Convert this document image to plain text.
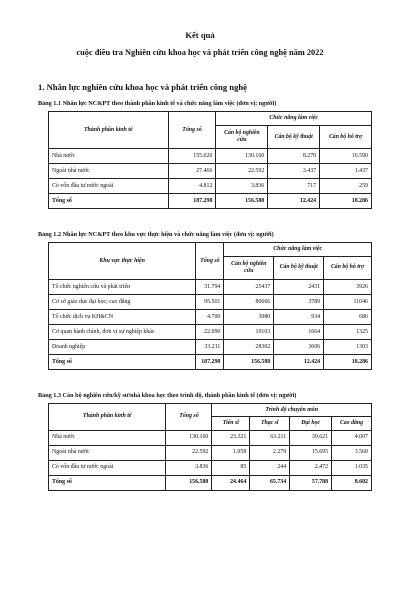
Kết quả
cuộc điều tra Nghiên cứu khoa học và phát triển công nghệ năm 2022
1. Nhân lực nghiên cứu khoa học và phát triển công nghệ
Bảng 1.1 Nhân lực NC&PT theo thành phần kinh tế và chức năng làm việc (đơn vị: người)
Thành phần kinh tế	Tổng số	Chức năng làm việc		
		Cán bộ nghiên cứu	Cán bộ kỹ thuật	Cán bộ hỗ trợ
Nhà nước	155.020	130.160	8.270	16.590
Ngoài nhà nước	27.466	22.592	3.437	1.437
Có vốn đầu tư nước ngoài	4.812	3.836	717	259
Tổng số	187.298	156.588	12.424	18.286
Bảng 1.2 Nhân lực NC&PT theo khu vực thực hiện và chức năng làm việc (đơn vị: người)
Khu vực thực hiện	Tổng số	Chức năng làm việc		
		Cán bộ nghiên cứu	Cán bộ kỹ thuật	Cán bộ hỗ trợ
Tổ chức nghiên cứu và phát triển	31.794	25437	2431	3926
Cơ sở giáo dục đại học; cao đẳng	95.501	80666	3789	11046
Tổ chức dịch vụ KH&CN	4.700	3080	934	686
Cơ quan hành chính, đơn vị sự nghiệp khác	22.090	19103	1664	1325
Doanh nghiệp	33.211	28302	3606	1303
Tổng số	187.298	156.588	12.424	18.286
Bảng 1.3 Cán bộ nghiên cứu/kỹ sư/nhà khoa học theo trình độ, thành phần kinh tế (đơn vị: người)
Thành phần kinh tế	Tổng số	Trình độ chuyên môn			
		Tiến sĩ	Thạc sĩ	Đại học	Cao đẳng
Nhà nước	130.160	23.321	63.211	39.621	4.007
Ngoài nhà nước	22.592	1.058	2.279	15.695	3.560
Có vốn đầu tư nước ngoài	3.836	85	244	2.472	1.035
Tổng số	156.588	24.464	65.734	57.788	8.602
